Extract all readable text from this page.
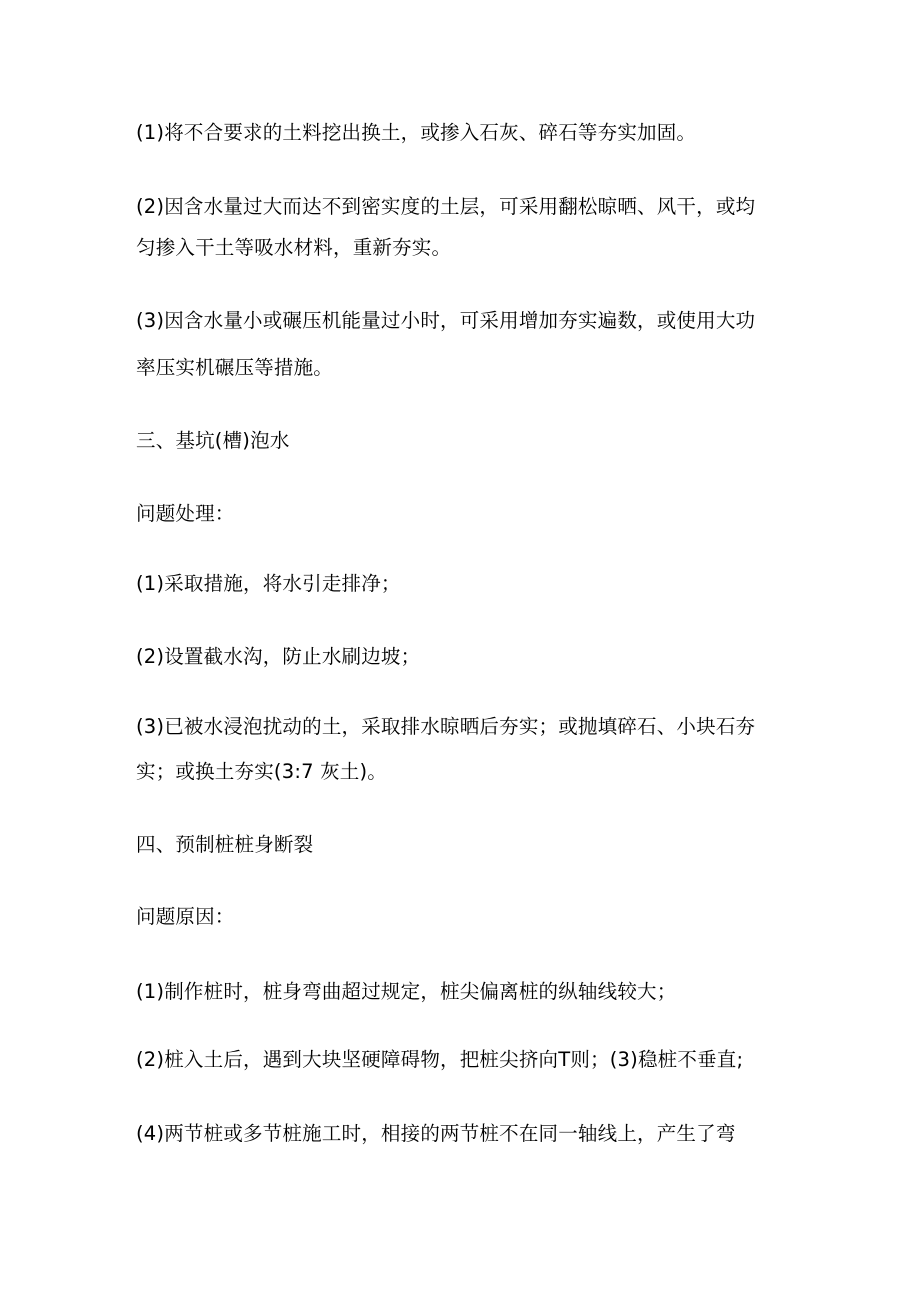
(1)将不合要求的土料挖出换土，或掺入石灰、碎石等夯实加固。
(2)因含水量过大而达不到密实度的土层，可采用翻松晾晒、风干，或均
匀掺入干土等吸水材料，重新夯实。
(3)因含水量小或碾压机能量过小时，可采用增加夯实遍数，或使用大功
率压实机碾压等措施。
三、基坑(槽)泡水
问题处理：
(1)采取措施，将水引走排净；
(2)设置截水沟，防止水刷边坡；
(3)已被水浸泡扰动的土，采取排水晾晒后夯实；或抛填碎石、小块石夯
实；或换土夯实(3:7 灰土)。
四、预制桩桩身断裂
问题原因：
(1)制作桩时，桩身弯曲超过规定，桩尖偏离桩的纵轴线较大；
(2)桩入土后，遇到大块坚硬障碍物，把桩尖挤向T则；(3)稳桩不垂直;
(4)两节桩或多节桩施工时，相接的两节桩不在同一轴线上，产生了弯
